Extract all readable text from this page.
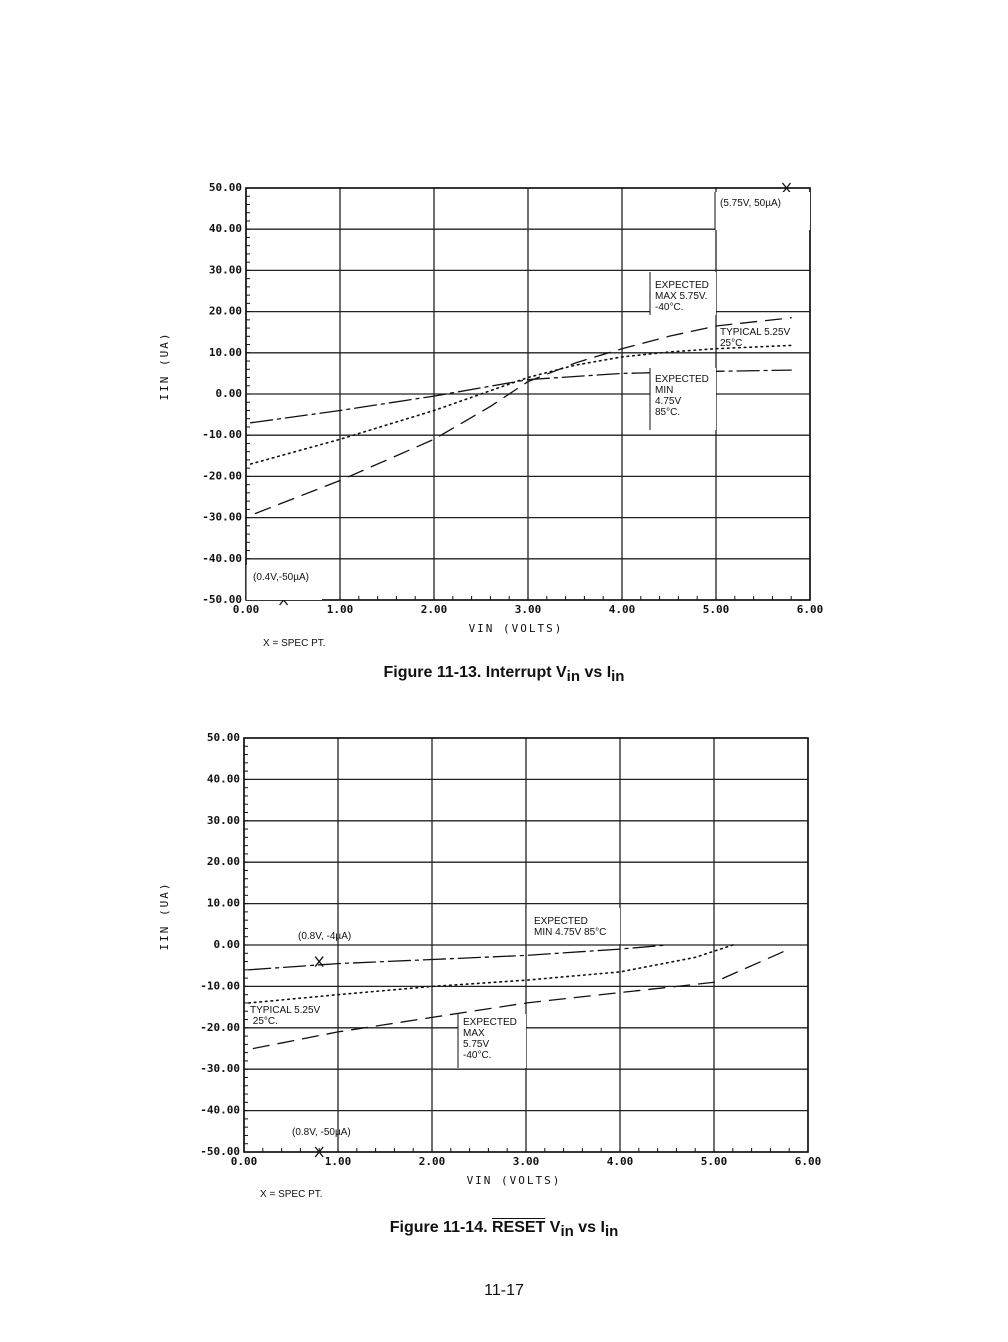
50.00
40.00
30.00
20.00
10.00
0.00
-10.00
-20.00
-30.00
-40.00
-50.00
0.00	1.00	2.00	3.00	4.00	5.00	6.00
VIN (VOLTS)
IIN (UA)
(5.75V, 50µA)
(0.4V,-50µA)
EXPECTED MAX 5.75V. -40°C.
TYPICAL 5.25V 25°C
EXPECTED MIN 4.75V 85°C.
X = SPEC PT.
Figure 11-13. Interrupt Vin vs Iin
50.00
40.00
30.00
20.00
10.00
0.00
-10.00
-20.00
-30.00
-40.00
-50.00
0.00	1.00	2.00	3.00	4.00	5.00	6.00
VIN (VOLTS)
IIN (UA)	(0.8V, -4µA)
(0.8V, -50µA)
EXPECTED MIN 4.75V 85°C
TYPICAL 5.25V 25°C.	EXPECTED MAX 5.75V -40°C.
X = SPEC PT.
Figure 11-14. RESET Vin vs Iin
11-17
